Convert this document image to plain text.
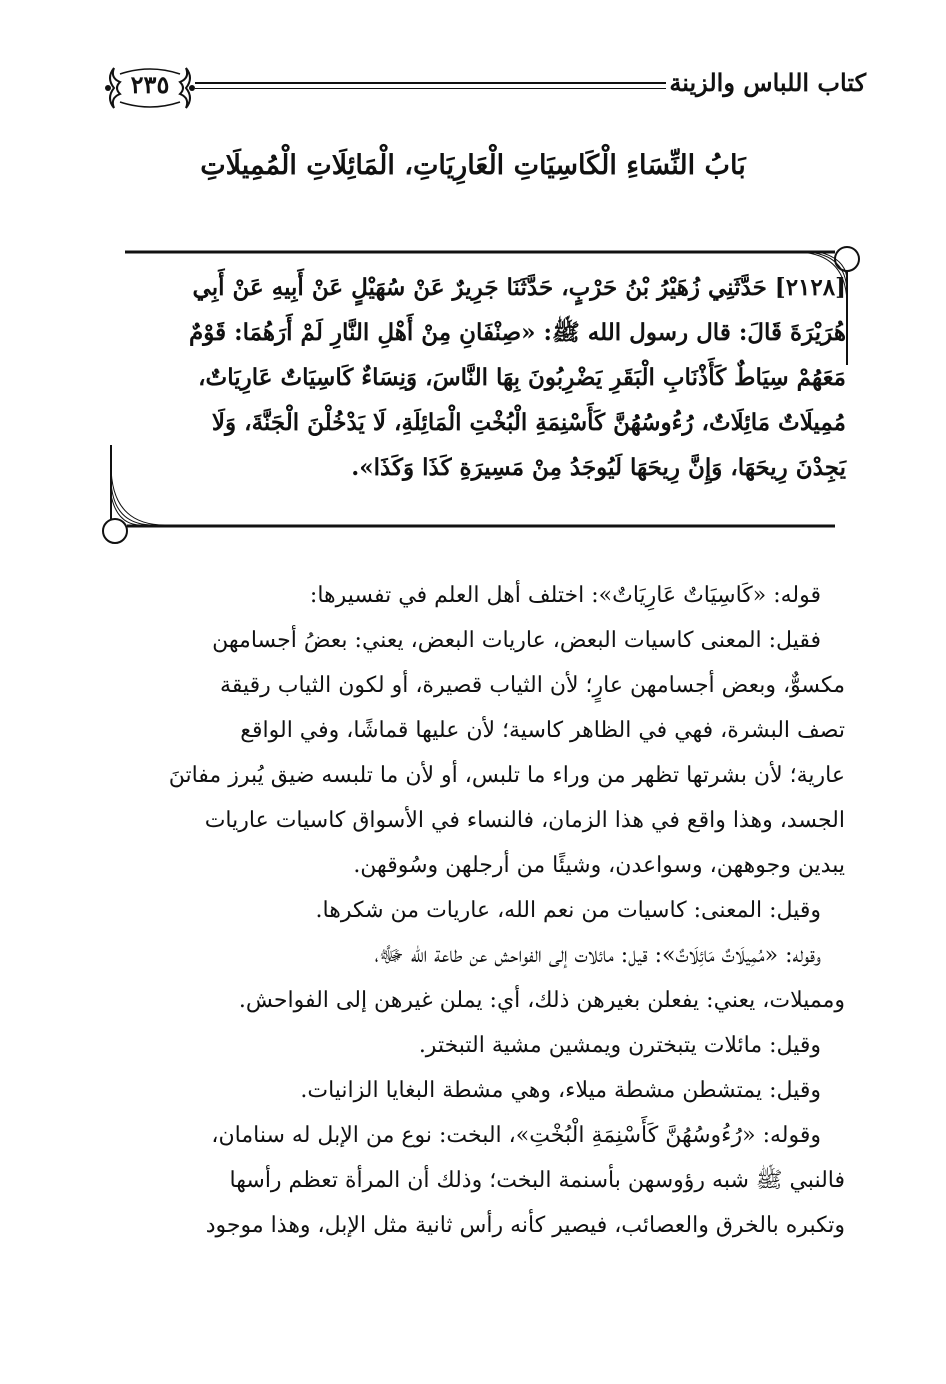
كتاب اللباس والزينة
٢٣٥
بَابُ النِّسَاءِ الْكَاسِيَاتِ الْعَارِيَاتِ، الْمَائِلَاتِ الْمُمِيلَاتِ

[٢١٢٨] حَدَّثَنِي زُهَيْرُ بْنُ حَرْبٍ، حَدَّثَنَا جَرِيرٌ عَنْ سُهَيْلٍ عَنْ أَبِيهِ عَنْ أَبِي

هُرَيْرَةَ قَالَ: قال رسول الله ﷺ: «صِنْفَانِ مِنْ أَهْلِ النَّارِ لَمْ أَرَهُمَا: قَوْمٌ

مَعَهُمْ سِيَاطٌ كَأَذْنَابِ الْبَقَرِ يَضْرِبُونَ بِهَا النَّاسَ، وَنِسَاءٌ كَاسِيَاتٌ عَارِيَاتٌ،

مُمِيلَاتٌ مَائِلَاتٌ، رُءُوسُهُنَّ كَأَسْنِمَةِ الْبُخْتِ الْمَائِلَةِ، لَا يَدْخُلْنَ الْجَنَّةَ، وَلَا

يَجِدْنَ رِيحَهَا، وَإِنَّ رِيحَهَا لَيُوجَدُ مِنْ مَسِيرَةِ كَذَا وَكَذَا».

قوله: «كَاسِيَاتٌ عَارِيَاتٌ»: اختلف أهل العلم في تفسيرها:

فقيل: المعنى كاسيات البعض، عاريات البعض، يعني: بعضُ أجسامهن

مكسوٌّ، وبعض أجسامهن عارٍ؛ لأن الثياب قصيرة، أو لكون الثياب رقيقة

تصف البشرة، فهي في الظاهر كاسية؛ لأن عليها قماشًا، وفي الواقع

عارية؛ لأن بشرتها تظهر من وراء ما تلبس، أو لأن ما تلبسه ضيق يُبرز مفاتنَ

الجسد، وهذا واقع في هذا الزمان، فالنساء في الأسواق كاسيات عاريات

يبدين وجوههن، وسواعدن، وشيئًا من أرجلهن وسُوقهن.

وقيل: المعنى: كاسيات من نعم الله، عاريات من شكرها.

وقوله: «مُمِيلَاتٌ مَائِلَاتٌ»: قيل: مائلات إلى الفواحش عن طاعة الله ﷻ،

ومميلات، يعني: يفعلن بغيرهن ذلك، أي: يملن غيرهن إلى الفواحش.

وقيل: مائلات يتبخترن ويمشين مشية التبختر.

وقيل: يمتشطن مشطة ميلاء، وهي مشطة البغايا الزانيات.

وقوله: «رُءُوسُهُنَّ كَأَسْنِمَةِ الْبُخْتِ»، البخت: نوع من الإبل له سنامان،

فالنبي ﷺ شبه رؤوسهن بأسنمة البخت؛ وذلك أن المرأة تعظم رأسها

وتكبره بالخرق والعصائب، فيصير كأنه رأس ثانية مثل الإبل، وهذا موجود
